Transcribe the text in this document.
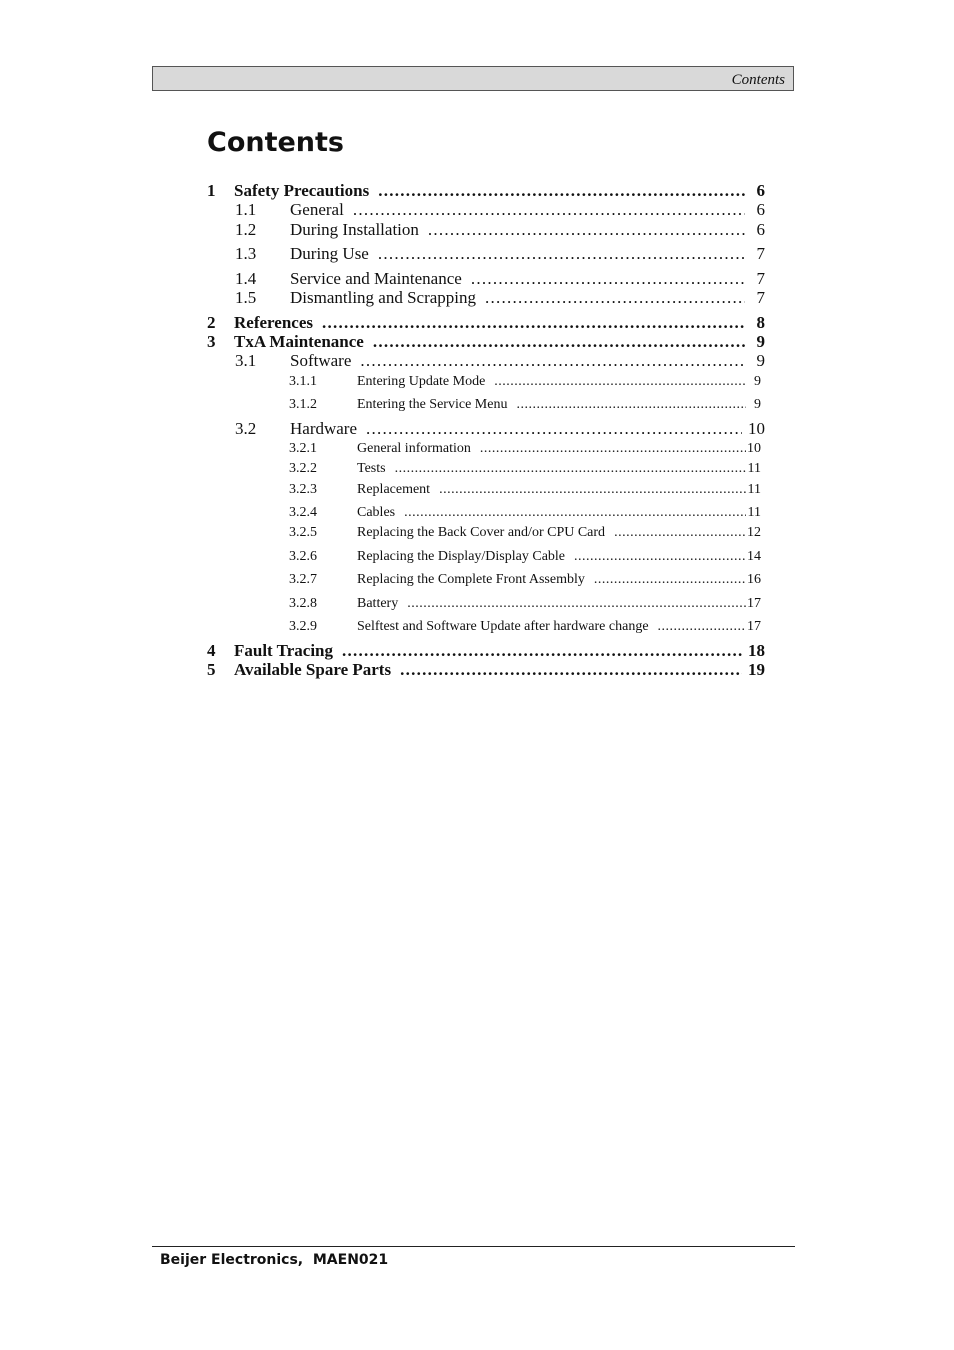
Contents
Contents
1	Safety Precautions . . .	6
1.1	General . . .	6
1.2	During Installation . . .	6
1.3	During Use . . .	7
1.4	Service and Maintenance . . .	7
1.5	Dismantling and Scrapping . . .	7
2	References . . .	8
3	TxA Maintenance . . .	9
3.1	Software . . .	9
3.1.1	Entering Update Mode . . .	9
3.1.2	Entering the Service Menu . . .	9
3.2	Hardware . . .	10
3.2.1	General information . . .	10
3.2.2	Tests . . .	11
3.2.3	Replacement . . .	11
3.2.4	Cables . . .	11
3.2.5	Replacing the Back Cover and/or CPU Card . . .	12
3.2.6	Replacing the Display/Display Cable . . .	14
3.2.7	Replacing the Complete Front Assembly . . .	16
3.2.8	Battery . . .	17
3.2.9	Selftest and Software Update after hardware change . . .	17
4	Fault Tracing . . .	18
5	Available Spare Parts . . .	19
Beijer Electronics,  MAEN021
